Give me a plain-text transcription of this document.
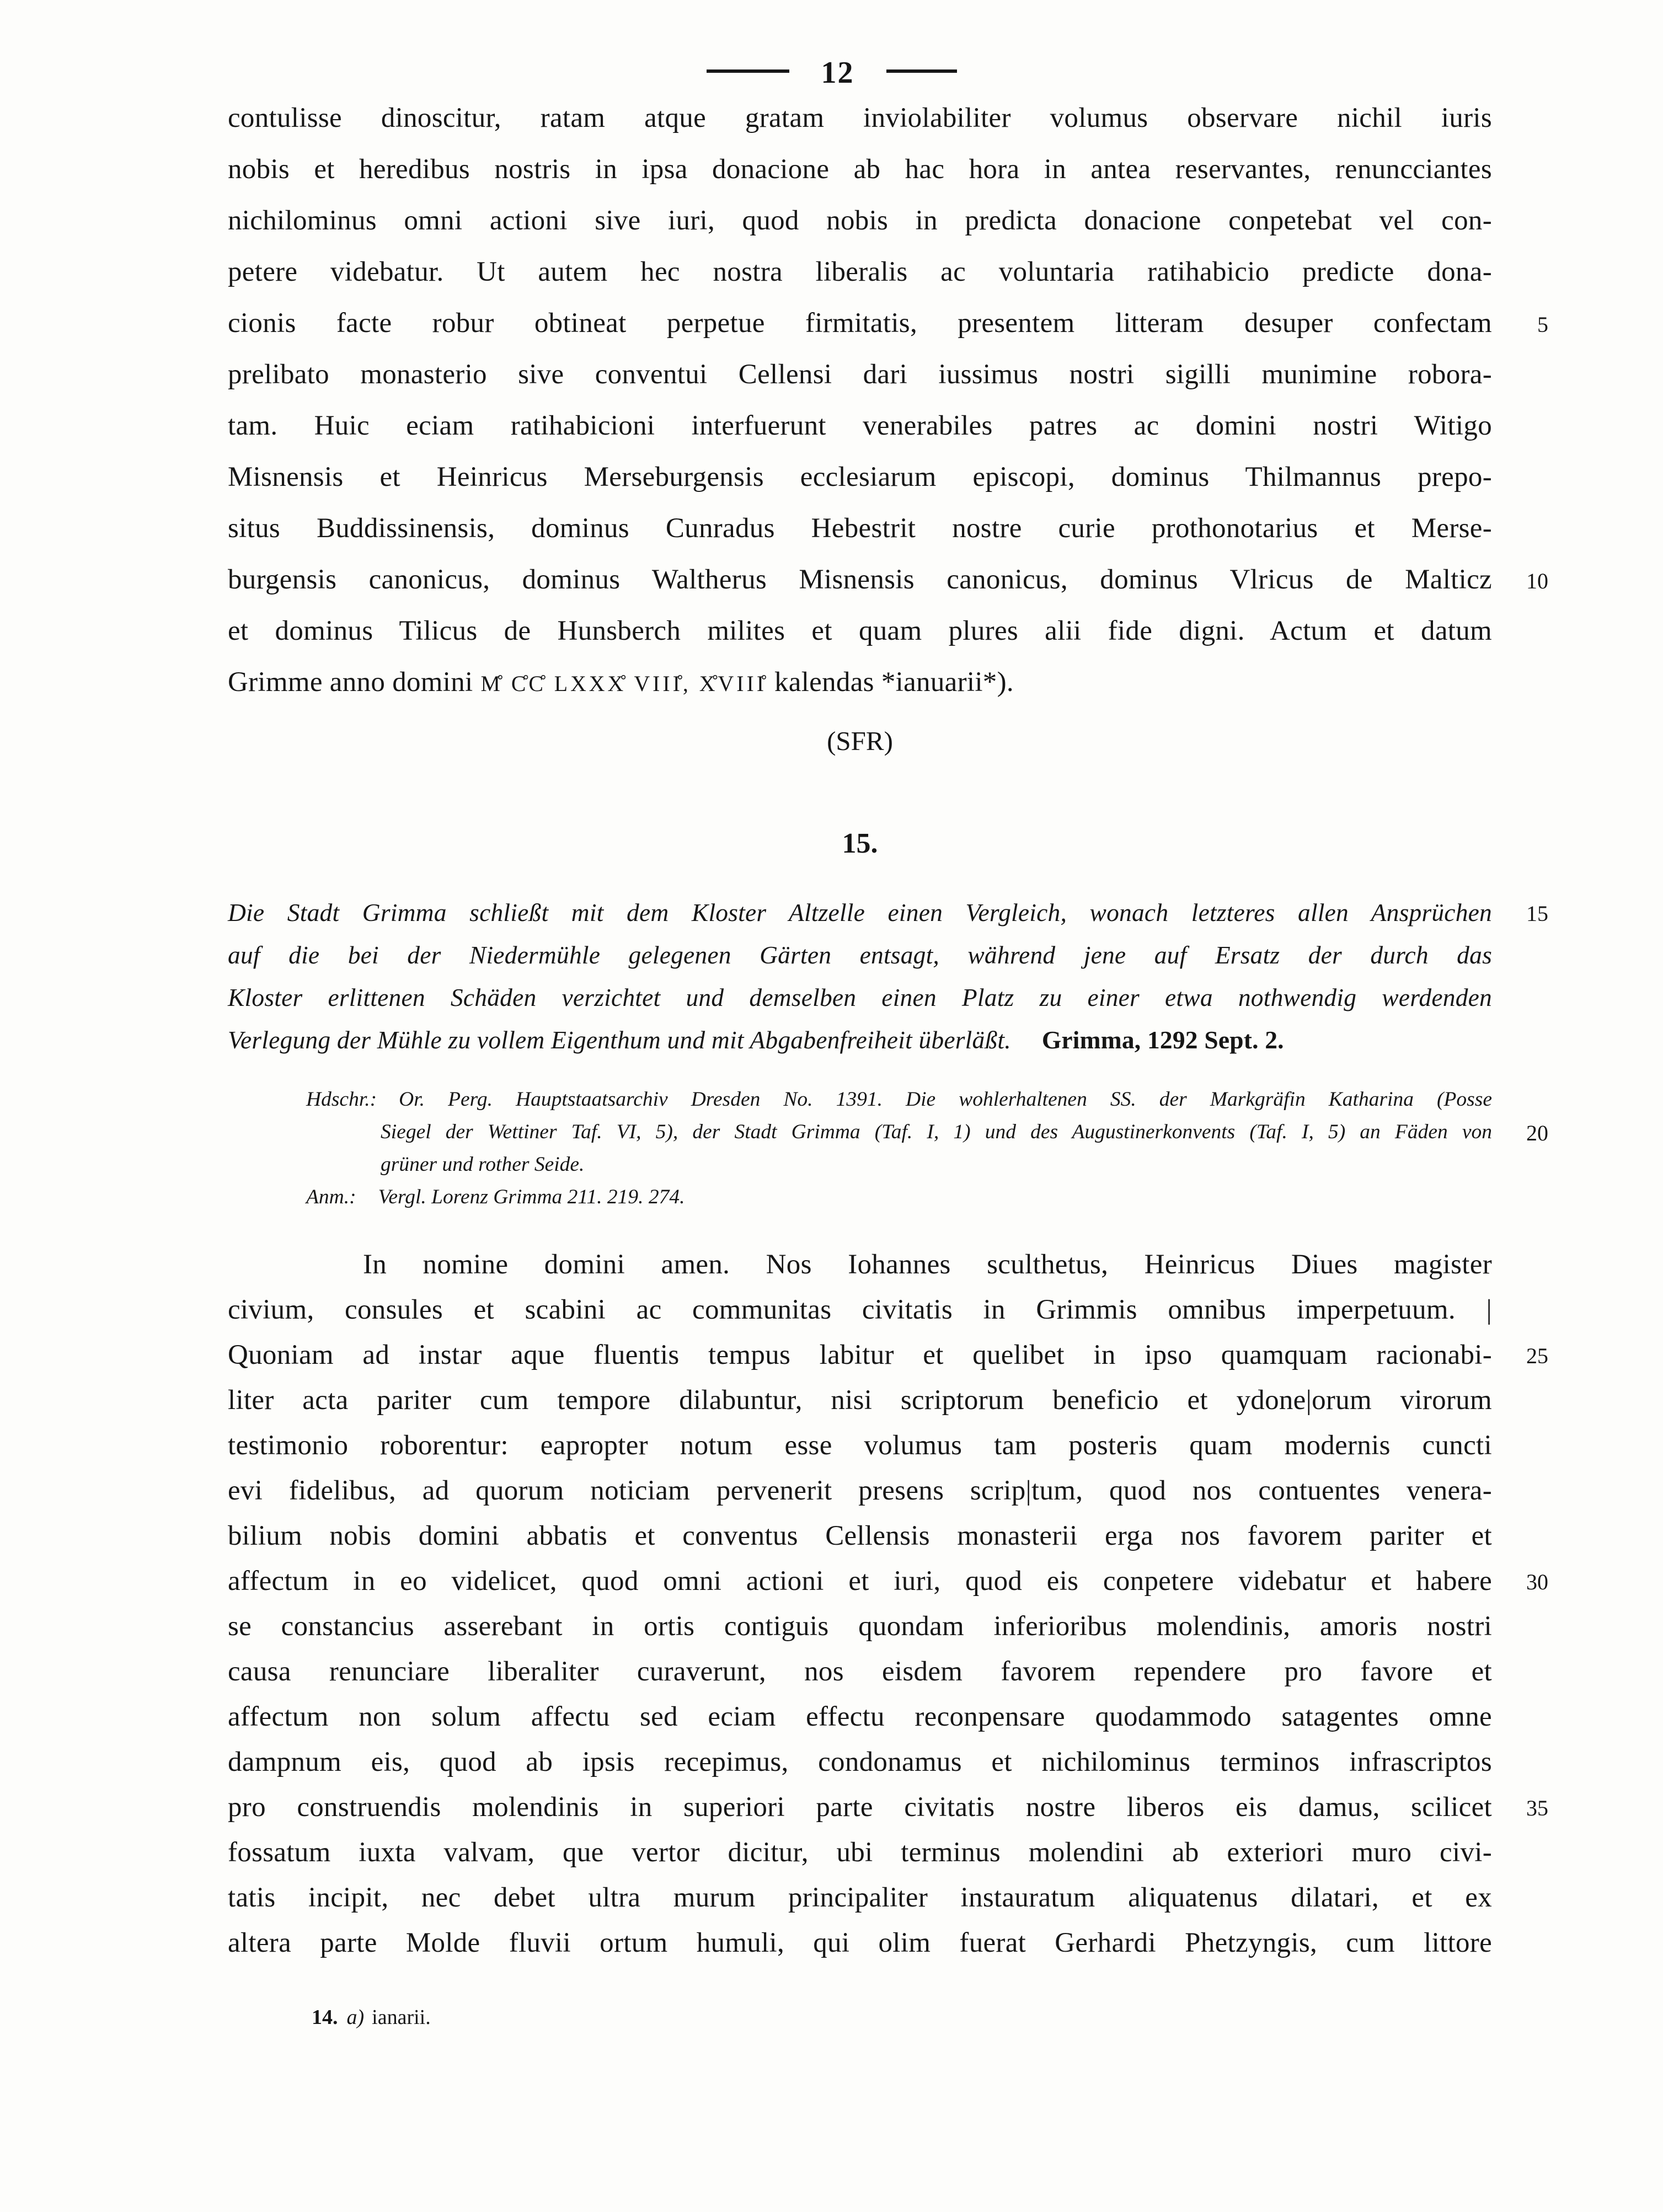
12
contulisse dinoscitur, ratam atque gratam inviolabiliter volumus observare nichil iuris
nobis et heredibus nostris in ipsa donacione ab hac hora in antea reservantes, renuncciantes
nichilominus omni actioni sive iuri, quod nobis in predicta donacione conpetebat vel con-
petere videbatur. Ut autem hec nostra liberalis ac voluntaria ratihabicio predicte dona-
cionis facte robur obtineat perpetue firmitatis, presentem litteram desuper confectam 5
prelibato monasterio sive conventui Cellensi dari iussimus nostri sigilli munimine robora-
tam. Huic eciam ratihabicioni interfuerunt venerabiles patres ac domini nostri Witigo
Misnensis et Heinricus Merseburgensis ecclesiarum episcopi, dominus Thilmannus prepo-
situs Buddissinensis, dominus Cunradus Hebestrit nostre curie prothonotarius et Merse-
burgensis canonicus, dominus Waltherus Misnensis canonicus, dominus Vlricus de Malticz 10
et dominus Tilicus de Hunsberch milites et quam plures alii fide digni. Actum et datum
Grimme anno domini M̊ C̊C̊ LXXX̊ VIII̊, X̊VIII̊ kalendas *ianuarii*).
(SFR)
15.
Die Stadt Grimma schließt mit dem Kloster Altzelle einen Vergleich, wonach letzteres allen Ansprüchen 15
auf die bei der Niedermühle gelegenen Gärten entsagt, während jene auf Ersatz der durch das
Kloster erlittenen Schäden verzichtet und demselben einen Platz zu einer etwa nothwendig werdenden
Verlegung der Mühle zu vollem Eigenthum und mit Abgabenfreiheit überläßt. Grimma, 1292 Sept. 2.
Hdschr.: Or. Perg. Hauptstaatsarchiv Dresden No. 1391. Die wohlerhaltenen SS. der Markgräfin Katharina (Posse
Siegel der Wettiner Taf. VI, 5), der Stadt Grimma (Taf. I, 1) und des Augustinerkonvents (Taf. I, 5) an Fäden von 20
grüner und rother Seide.
Anm.: Vergl. Lorenz Grimma 211. 219. 274.
In nomine domini amen. Nos Iohannes sculthetus, Heinricus Diues magister
civium, consules et scabini ac communitas civitatis in Grimmis omnibus imperpetuum. |
Quoniam ad instar aque fluentis tempus labitur et quelibet in ipso quamquam racionabi- 25
liter acta pariter cum tempore dilabuntur, nisi scriptorum beneficio et ydone|orum virorum
testimonio roborentur: eapropter notum esse volumus tam posteris quam modernis cuncti
evi fidelibus, ad quorum noticiam pervenerit presens scrip|tum, quod nos contuentes venera-
bilium nobis domini abbatis et conventus Cellensis monasterii erga nos favorem pariter et
affectum in eo videlicet, quod omni actioni et iuri, quod eis conpetere videbatur et habere 30
se constancius asserebant in ortis contiguis quondam inferioribus molendinis, amoris nostri
causa renunciare liberaliter curaverunt, nos eisdem favorem rependere pro favore et
affectum non solum affectu sed eciam effectu reconpensare quodammodo satagentes omne
dampnum eis, quod ab ipsis recepimus, condonamus et nichilominus terminos infrascriptos
pro construendis molendinis in superiori parte civitatis nostre liberos eis damus, scilicet 35
fossatum iuxta valvam, que vertor dicitur, ubi terminus molendini ab exteriori muro civi-
tatis incipit, nec debet ultra murum principaliter instauratum aliquatenus dilatari, et ex
altera parte Molde fluvii ortum humuli, qui olim fuerat Gerhardi Phetzyngis, cum littore
14. a) ianarii.
